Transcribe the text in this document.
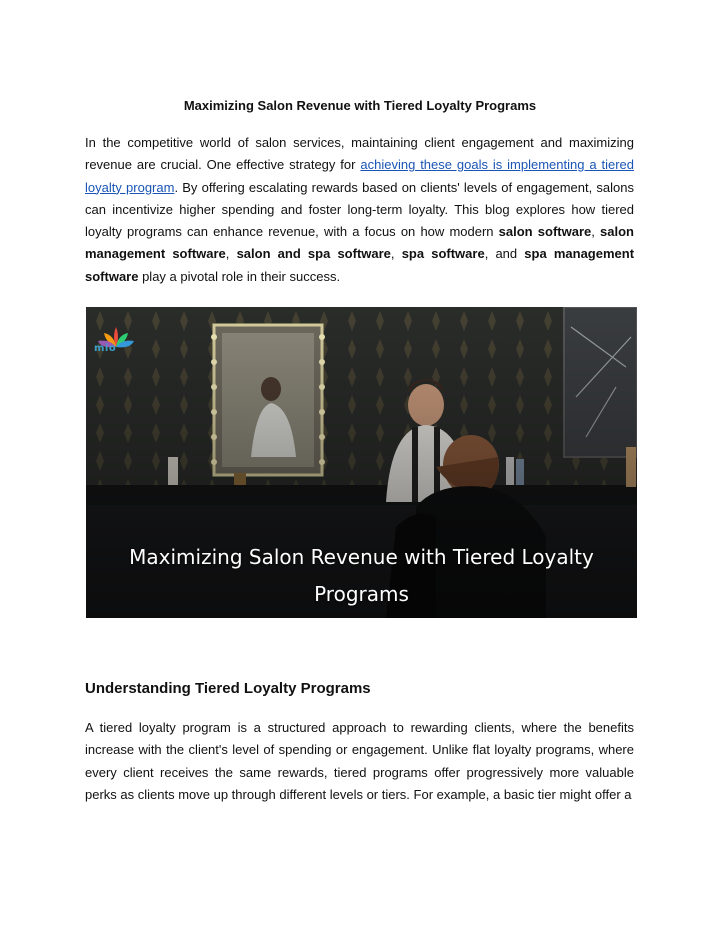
Maximizing Salon Revenue with Tiered Loyalty Programs
In the competitive world of salon services, maintaining client engagement and maximizing revenue are crucial. One effective strategy for achieving these goals is implementing a tiered loyalty program. By offering escalating rewards based on clients' levels of engagement, salons can incentivize higher spending and foster long-term loyalty. This blog explores how tiered loyalty programs can enhance revenue, with a focus on how modern salon software, salon management software, salon and spa software, spa software, and spa management software play a pivotal role in their success.
mio
Maximizing Salon Revenue with Tiered Loyalty
Programs
Understanding Tiered Loyalty Programs
A tiered loyalty program is a structured approach to rewarding clients, where the benefits increase with the client's level of spending or engagement. Unlike flat loyalty programs, where every client receives the same rewards, tiered programs offer progressively more valuable perks as clients move up through different levels or tiers. For example, a basic tier might offer a
